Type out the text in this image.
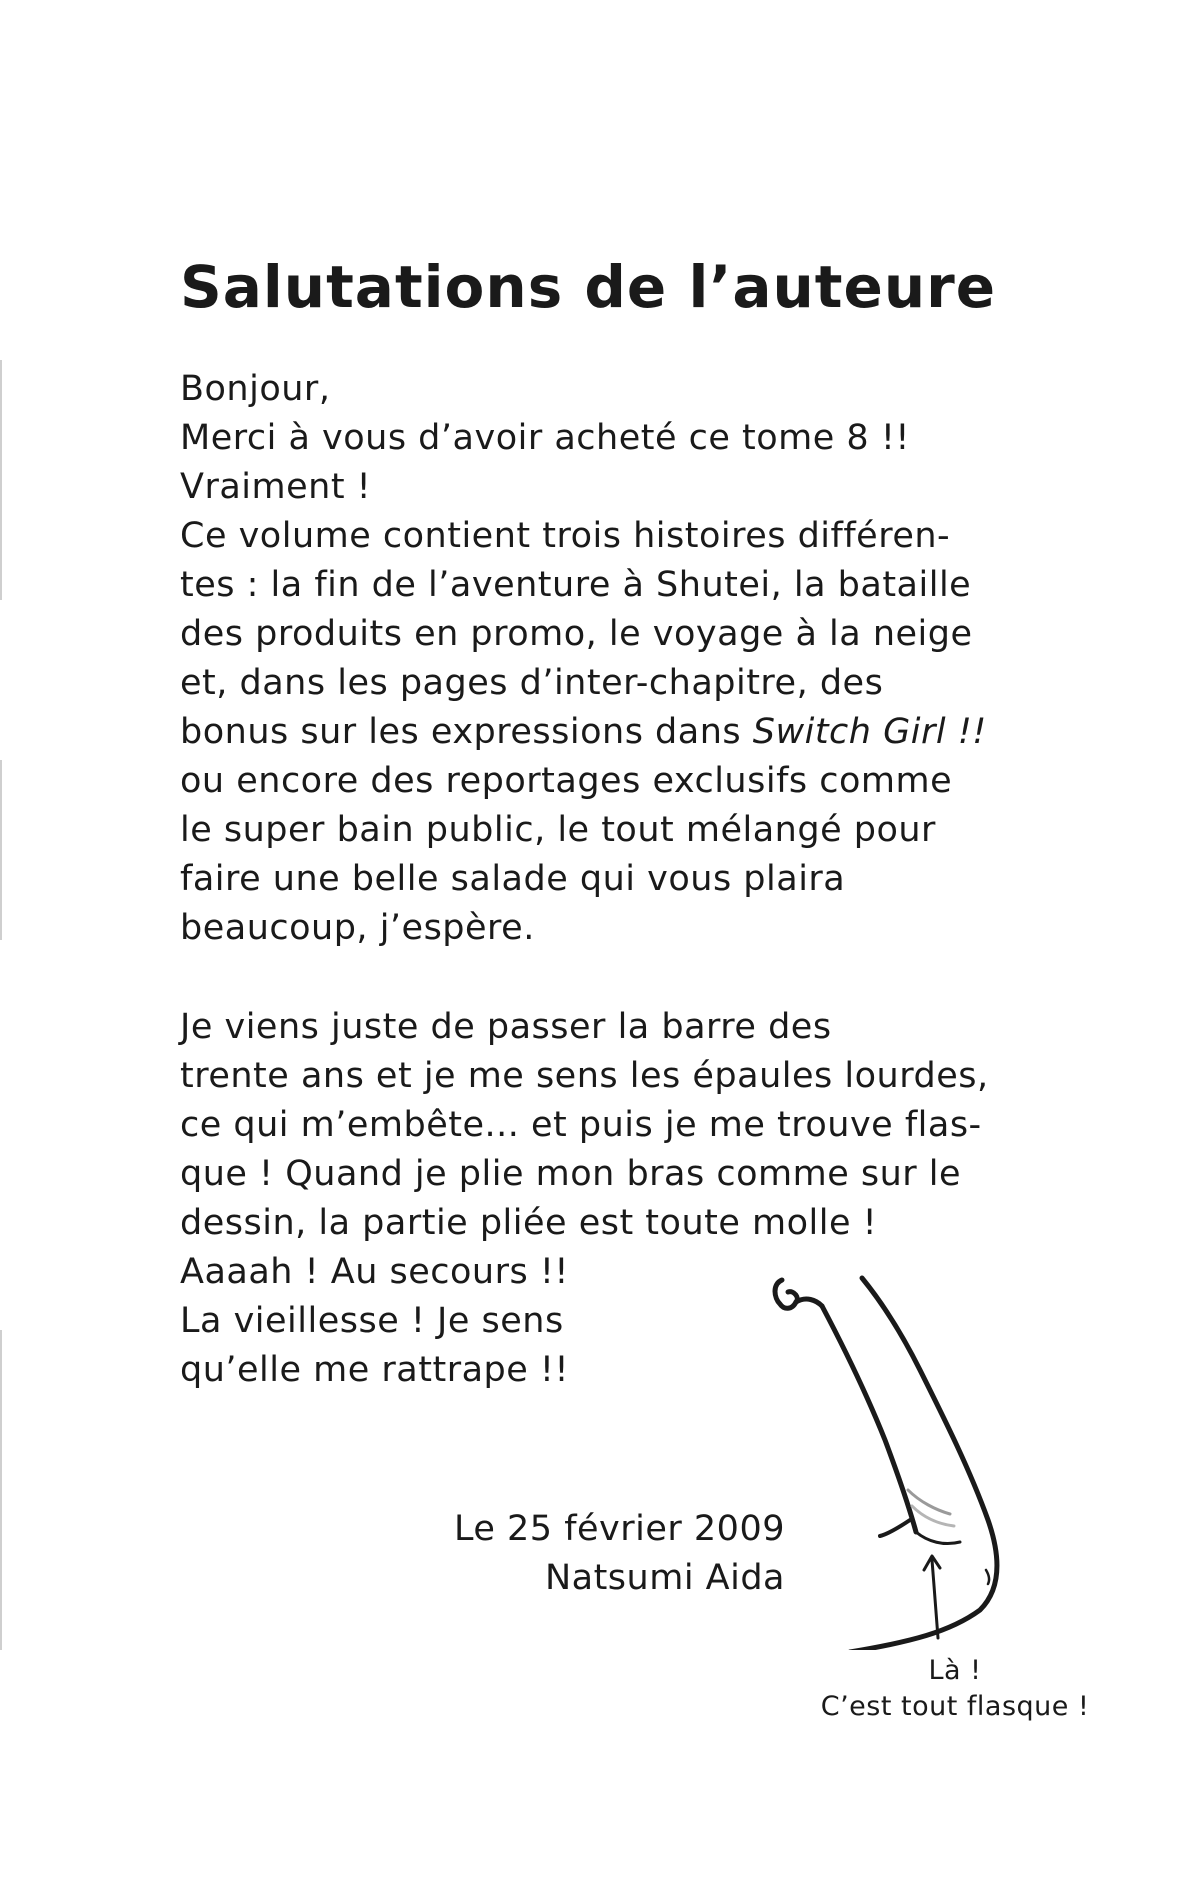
Salutations de l’auteure
Bonjour,
Merci à vous d’avoir acheté ce tome 8 !!
Vraiment !
Ce volume contient trois histoires différen-
tes : la fin de l’aventure à Shutei, la bataille
des produits en promo, le voyage à la neige
et, dans les pages d’inter-chapitre, des
bonus sur les expressions dans Switch Girl !!
ou encore des reportages exclusifs comme
le super bain public, le tout mélangé pour
faire une belle salade qui vous plaira
beaucoup, j’espère.
Je viens juste de passer la barre des
trente ans et je me sens les épaules lourdes,
ce qui m’embête... et puis je me trouve flas-
que ! Quand je plie mon bras comme sur le
dessin, la partie pliée est toute molle !
Aaaah ! Au secours !!
La vieillesse ! Je sens
qu’elle me rattrape !!
Le 25 février 2009
Natsumi Aida
Là !
C’est tout flasque !
